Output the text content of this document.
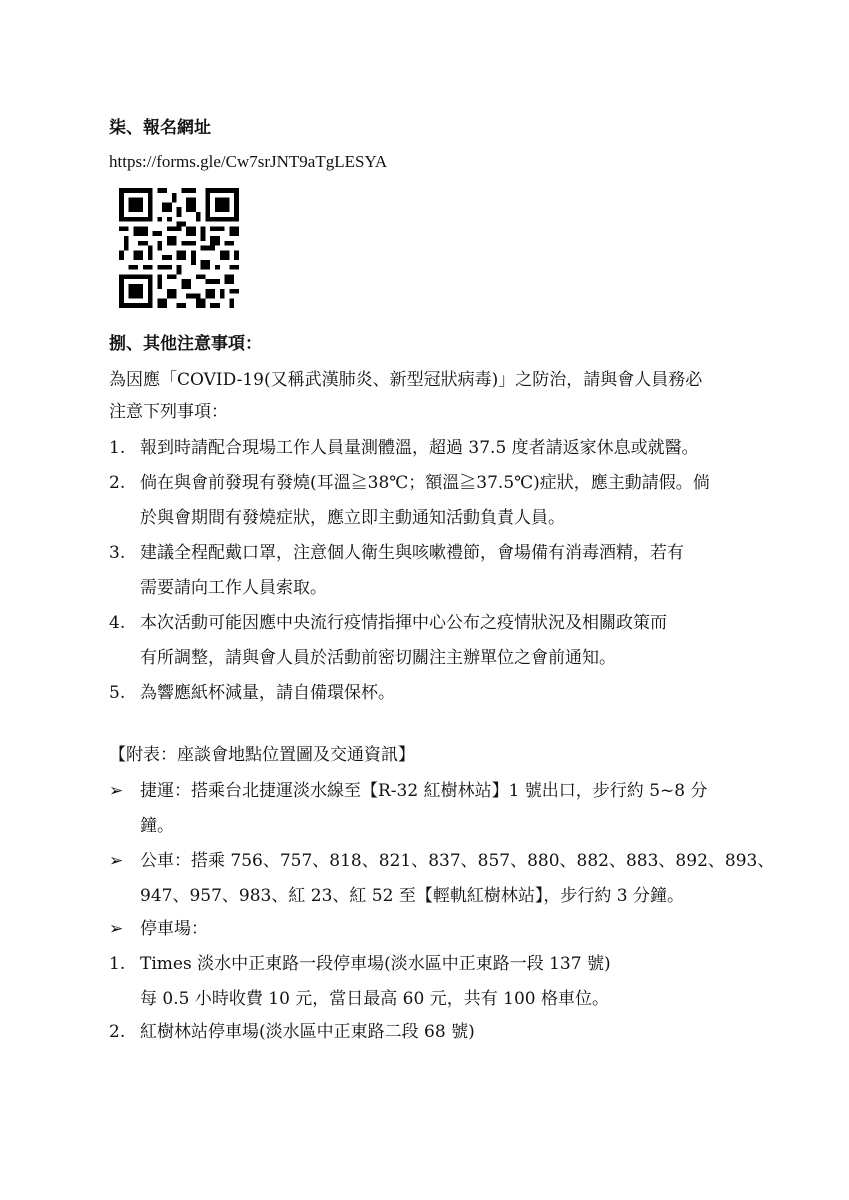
柒、報名網址
https://forms.gle/Cw7srJNT9aTgLESYA
捌、其他注意事項：
為因應「COVID-19(又稱武漢肺炎、新型冠狀病毒)」之防治，請與會人員務必
注意下列事項：
1. 報到時請配合現場工作人員量測體溫，超過 37.5 度者請返家休息或就醫。
2. 倘在與會前發現有發燒(耳溫≧38℃；額溫≧37.5℃)症狀，應主動請假。倘
於與會期間有發燒症狀，應立即主動通知活動負責人員。
3. 建議全程配戴口罩，注意個人衛生與咳嗽禮節，會場備有消毒酒精，若有
需要請向工作人員索取。
4. 本次活動可能因應中央流行疫情指揮中心公布之疫情狀況及相關政策而
有所調整，請與會人員於活動前密切關注主辦單位之會前通知。
5. 為響應紙杯減量，請自備環保杯。
【附表：座談會地點位置圖及交通資訊】
➢ 捷運：搭乘台北捷運淡水線至【R-32 紅樹林站】1 號出口，步行約 5~8 分
鐘。
➢ 公車：搭乘 756、757、818、821、837、857、880、882、883、892、893、
947、957、983、紅 23、紅 52 至【輕軌紅樹林站】，步行約 3 分鐘。
➢ 停車場：
1. Times 淡水中正東路一段停車場(淡水區中正東路一段 137 號)
每 0.5 小時收費 10 元，當日最高 60 元，共有 100 格車位。
2. 紅樹林站停車場(淡水區中正東路二段 68 號)
